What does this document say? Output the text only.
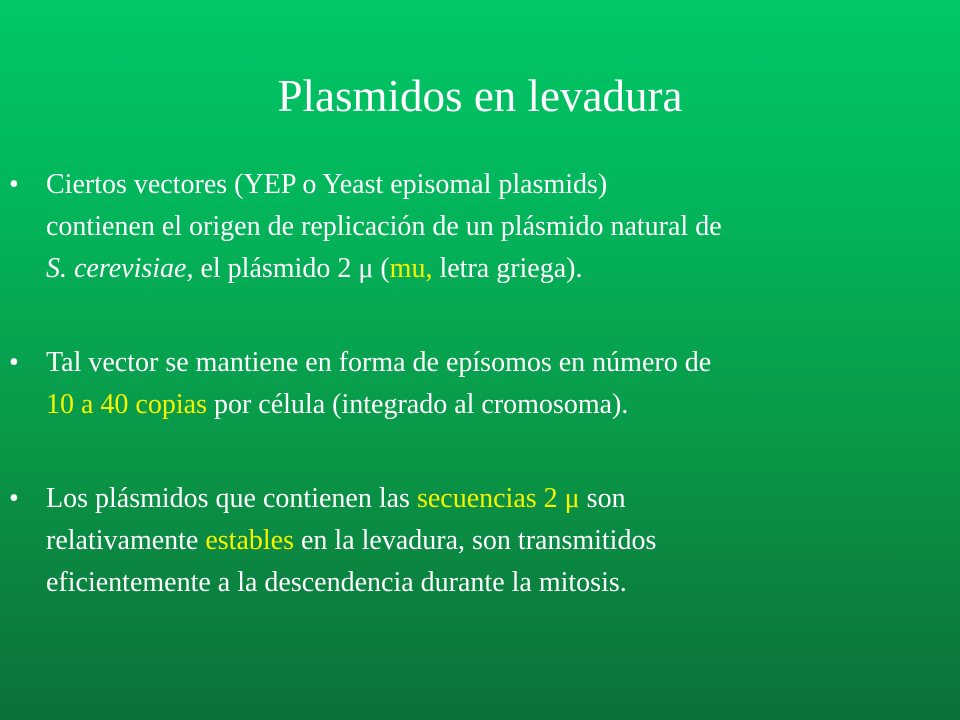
Plasmidos en levadura
• Ciertos vectores (YEP o Yeast episomal plasmids)
contienen el origen de replicación de un plásmido natural de
S. cerevisiae, el plásmido 2 μ (mu, letra griega).
• Tal vector se mantiene en forma de epísomos en número de
10 a 40 copias por célula (integrado al cromosoma).
• Los plásmidos que contienen las secuencias 2 μ son
relativamente estables en la levadura, son transmitidos
eficientemente a la descendencia durante la mitosis.
